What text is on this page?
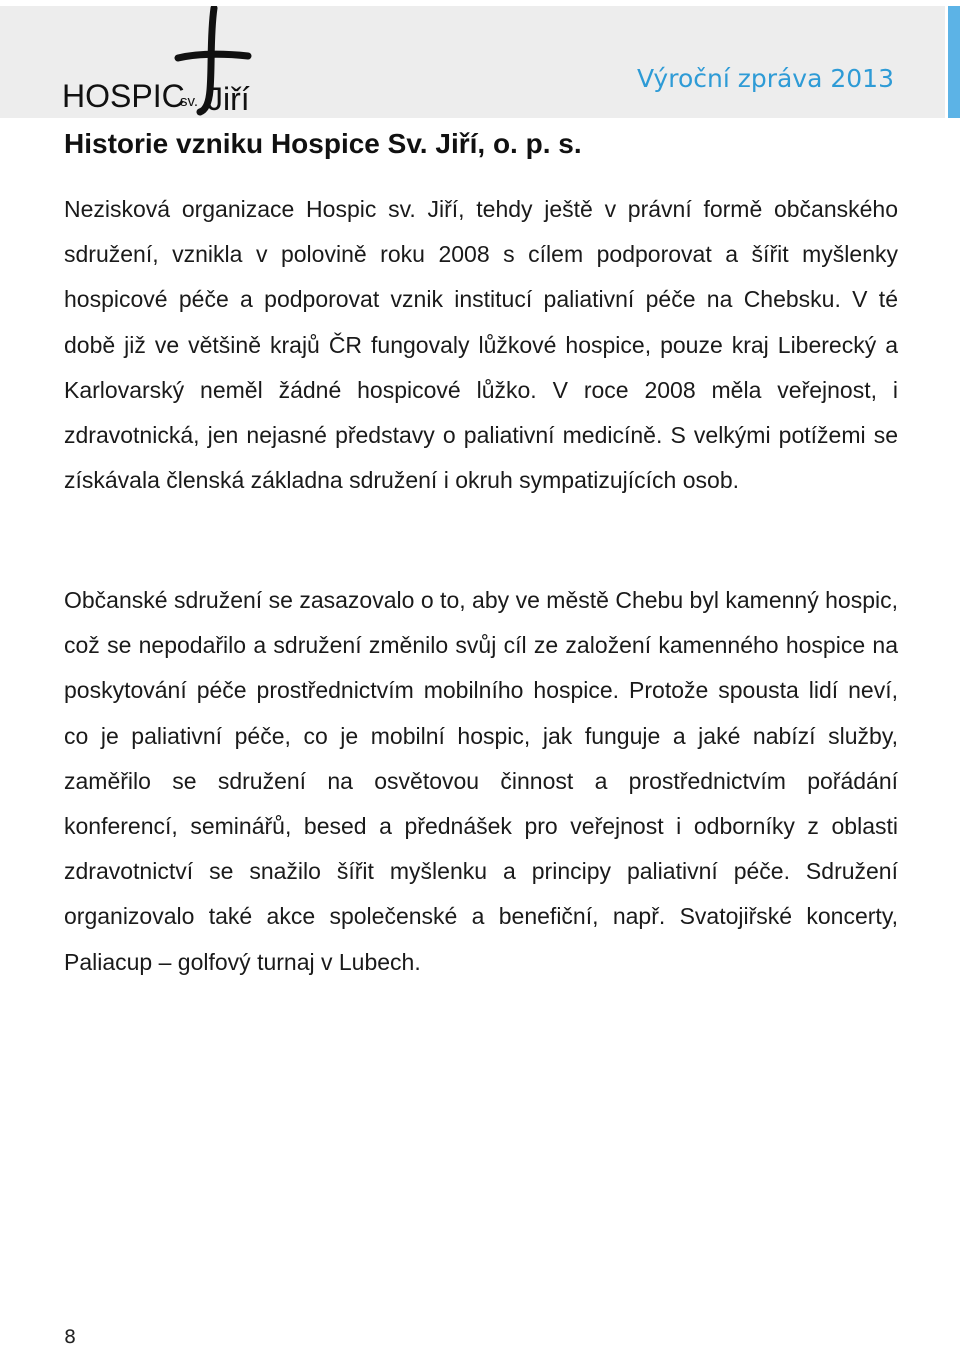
HOSPIC
sv. Jiří
Výroční zpráva 2013
Historie vzniku Hospice Sv. Jiří, o. p. s.

Nezisková organizace Hospic sv. Jiří, tehdy ještě v právní formě občanského sdružení, vznikla v polovině roku 2008 s cílem podporovat a šířit myšlenky hospicové péče a podporovat vznik institucí paliativní péče na Chebsku. V té době již ve většině krajů ČR fungovaly lůžkové hospice, pouze kraj Liberecký a Karlovarský neměl žádné hospicové lůžko. V roce 2008 měla veřejnost, i zdravotnická, jen nejasné představy o paliativní medicíně. S velkými potížemi se získávala členská základna sdružení i okruh sympatizujících osob.

Občanské sdružení se zasazovalo o to, aby ve městě Chebu byl kamenný hospic, což se nepodařilo a sdružení změnilo svůj cíl ze založení kamenného hospice na poskytování péče prostřednictvím mobilního hospice. Protože spousta lidí neví, co je paliativní péče, co je mobilní hospic, jak funguje a jaké nabízí služby, zaměřilo se sdružení na osvětovou činnost a prostřednictvím pořádání konferencí, seminářů, besed a přednášek pro veřejnost i odborníky z oblasti zdravotnictví se snažilo šířit myšlenku a principy paliativní péče. Sdružení organizovalo také akce společenské a benefiční, např. Svatojiřské koncerty, Paliacup – golfový turnaj v Lubech.

8
